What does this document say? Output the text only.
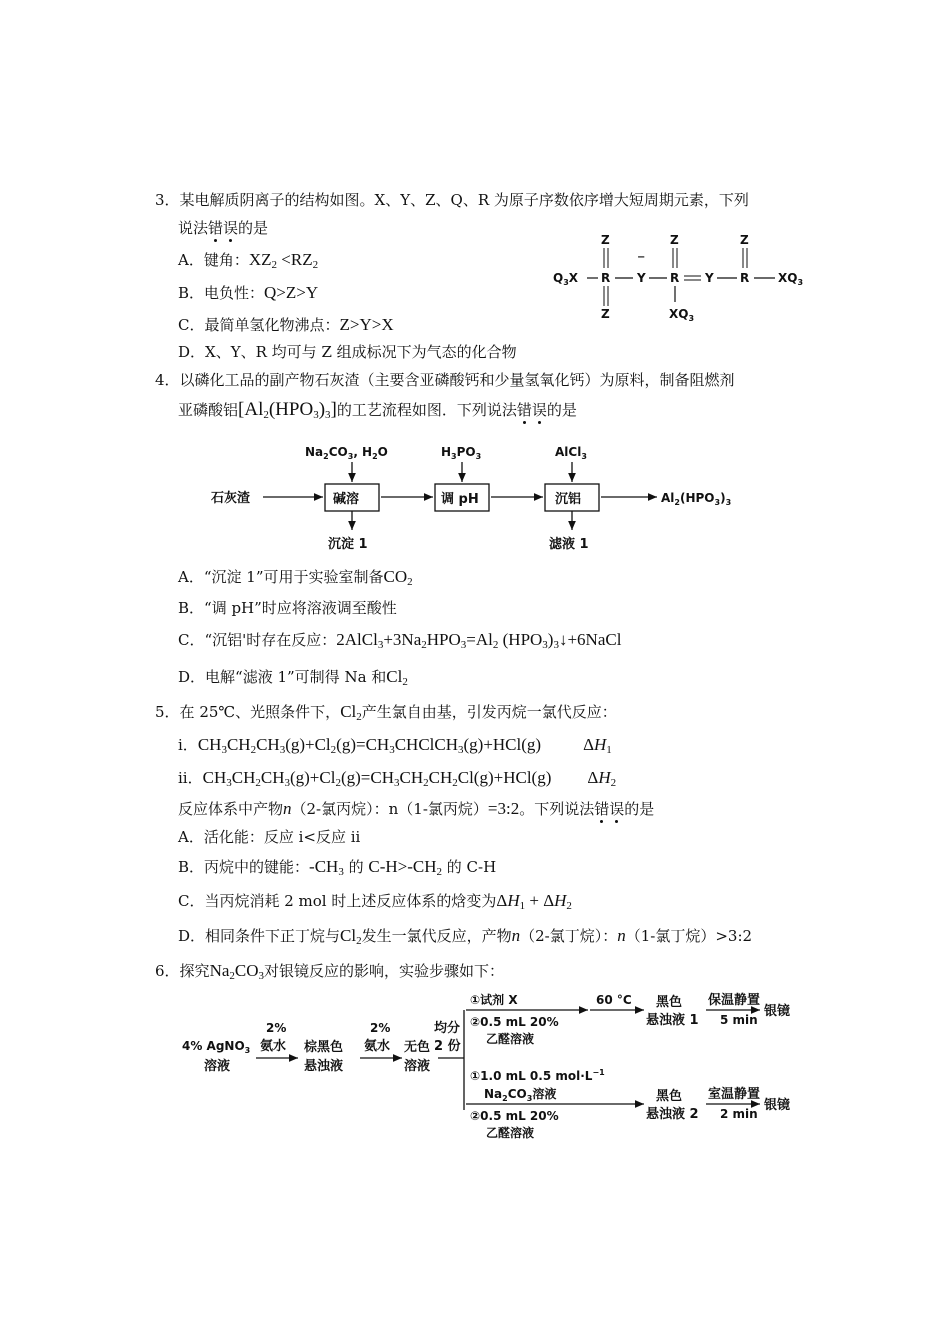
3．某电解质阴离子的结构如图。X、Y、Z、Q、R 为原子序数依序增大短周期元素，下列
说法错误的是
A．键角：$XZ_2 <RZ_2$
B．电负性：Q>Z>Y
C．最简单氢化物沸点：Z>Y>X
D．X、Y、R 均可与 Z 组成标况下为气态的化合物
$Q_3X$ R
Z
Z
−
Y R
Z
$XQ_3$
Y R
Z
$XQ_3$
4．以磷化工品的副产物石灰渣（主要含亚磷酸钙和少量氢氧化钙）为原料，制备阻燃剂
亚磷酸铝$[Al_2(HPO_3)_3]$的工艺流程如图．下列说法错误的是
石灰渣	碱溶
$Na_2CO_3$, $H_2O$
沉淀 1
调 pH
$H_3PO_3$
沉铝
AlCl$_3$
滤液 1
$Al_2(HPO_3)_3$
A．“沉淀 1”可用于实验室制备$CO_2$
B．“调 pH”时应将溶液调至酸性
C．“沉铝'时存在反应：$2AlCl_3+3Na_2HPO_3=Al_2$ $(HPO_3)_3↓+6NaCl$
D．电解“滤液 1”可制得 Na 和$Cl_2$
5．在 25℃、光照条件下，$Cl_2$产生氯自由基，引发丙烷一氯代反应：
i．$CH_3CH_2CH_3(g)+Cl_2(g)=CH_3CHClCH_3(g)+HCl(g)$ $\Delta H_1$
ii．$CH_3CH_2CH_3(g)+Cl_2(g)=CH_3CH_2CH_2Cl(g)+HCl(g)$ $\Delta H_2$
反应体系中产物n（2-氯丙烷）：n（1-氯丙烷）=3:2。下列说法错误的是
A．活化能：反应 i<反应 ii
B．丙烷中的键能：$-CH_3$ 的 $C-H>-CH_2$ 的 C-H
C．当丙烷消耗 2 mol 时上述反应体系的焓变为$\Delta H_1 + \Delta H_2$
D．相同条件下正丁烷与$Cl_2$发生一氯代反应，产物n（2-氯丁烷）：n（1-氯丁烷）>3:2
6．探究$Na_2CO_3$对银镜反应的影响，实验步骤如下：
4% AgNO$_3$
溶液
2%
氨水 棕黑色
悬浊液
2%
氨水 无色
溶液
均分
2 份
①试剂 X
②0.5 mL 20%
乙醛溶液
60 °C 黑色
悬浊液 1
保温静置
5 min
银镜
①1.0 mL 0.5 $mol\cdot L^{-1}$
$Na_2CO_3$溶液
②0.5 mL 20%
乙醛溶液
黑色
悬浊液 2
室温静置
2 min
银镜
